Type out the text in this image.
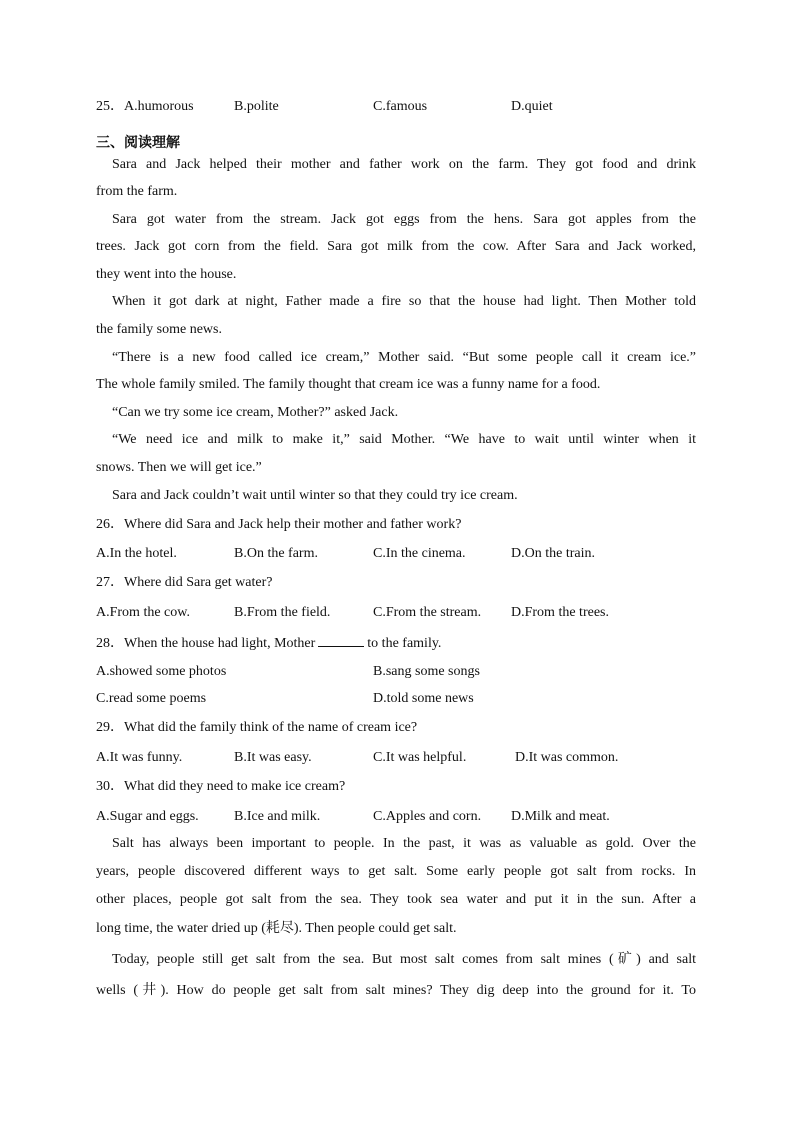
25．A.humorous	B.polite	C.famous	D.quiet
三、阅读理解
Sara and Jack helped their mother and father work on the farm. They got food and drink
from the farm.
Sara got water from the stream. Jack got eggs from the hens. Sara got apples from the
trees. Jack got corn from the field. Sara got milk from the cow. After Sara and Jack worked,
they went into the house.
When it got dark at night, Father made a fire so that the house had light. Then Mother told
the family some news.
“There is a new food called ice cream,” Mother said. “But some people call it cream ice.”
The whole family smiled. The family thought that cream ice was a funny name for a food.
“Can we try some ice cream, Mother?” asked Jack.
“We need ice and milk to make it,” said Mother. “We have to wait until winter when it
snows. Then we will get ice.”
Sara and Jack couldn’t wait until winter so that they could try ice cream.
26．Where did Sara and Jack help their mother and father work?
A.In the hotel.	B.On the farm.	C.In the cinema.	D.On the train.
27．Where did Sara get water?
A.From the cow.	B.From the field.	C.From the stream. D.From the trees.
28．When the house had light, Mother	to the family.
A.showed some photos	B.sang some songs
C.read some poems	D.told some news
29．What did the family think of the name of cream ice?
A.It was funny.	B.It was easy.	C.It was helpful.	D.It was common.
30．What did they need to make ice cream?
A.Sugar and eggs.	B.Ice and milk.	C.Apples and corn. D.Milk and meat.
Salt has always been important to people. In the past, it was as valuable as gold. Over the
years, people discovered different ways to get salt. Some early people got salt from rocks. In
other places, people got salt from the sea. They took sea water and put it in the sun. After a
long time, the water dried up (耗尽). Then people could get salt.
Today, people still get salt from the sea. But most salt comes from salt mines (矿) and salt
wells (井). How do people get salt from salt mines? They dig deep into the ground for it. To
